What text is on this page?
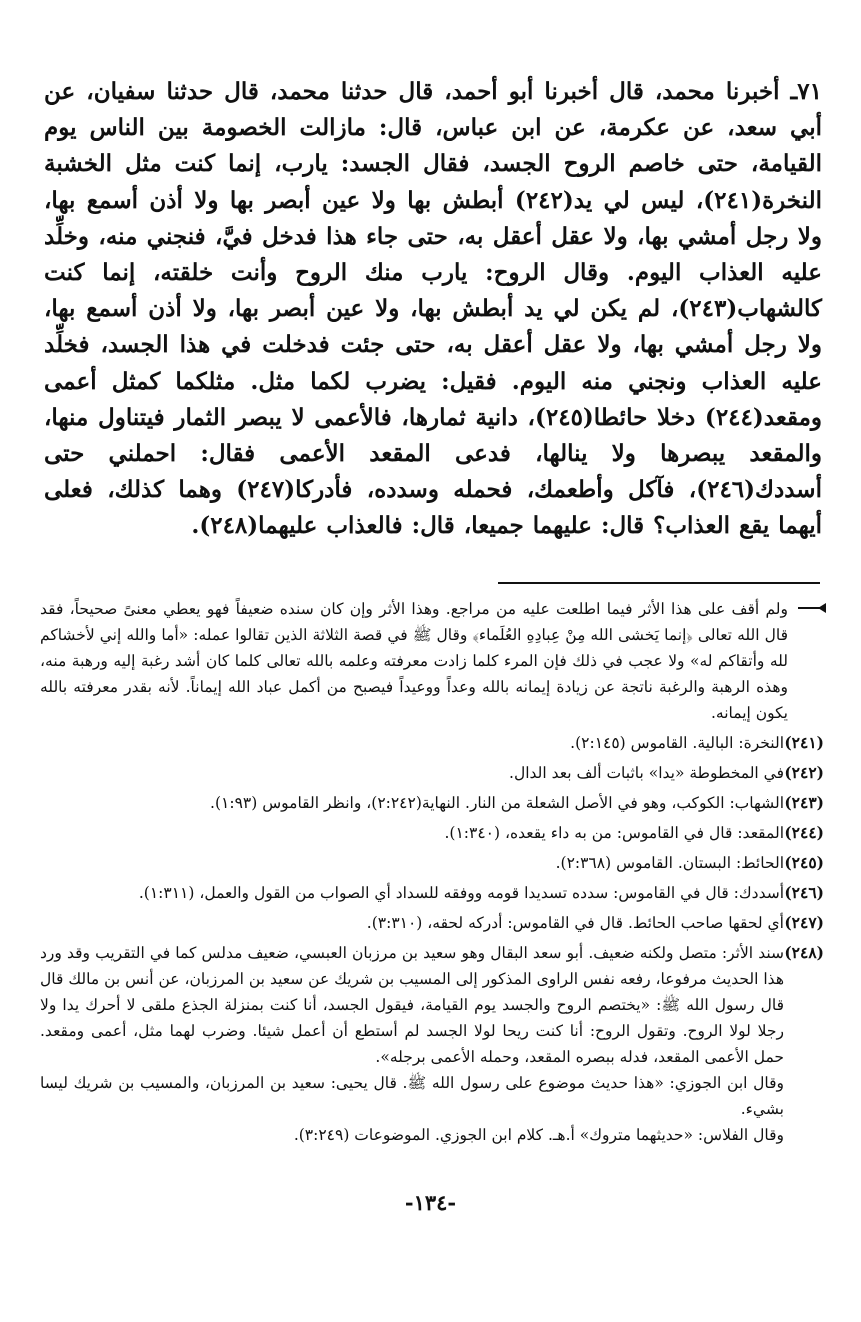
٧١ـ أخبرنا محمد، قال أخبرنا أبو أحمد، قال حدثنا محمد، قال حدثنا سفيان، عن أبي سعد، عن عكرمة، عن ابن عباس، قال: مازالت الخصومة بين الناس يوم القيامة، حتى خاصم الروح الجسد، فقال الجسد: يارب، إنما كنت مثل الخشبة النخرة(٢٤١)، ليس لي يد(٢٤٢) أبطش بها ولا عين أبصر بها ولا أذن أسمع بها، ولا رجل أمشي بها، ولا عقل أعقل به، حتى جاء هذا فدخل فيَّ، فنجني منه، وخلِّد عليه العذاب اليوم. وقال الروح: يارب منك الروح وأنت خلقته، إنما كنت كالشهاب(٢٤٣)، لم يكن لي يد أبطش بها، ولا عين أبصر بها، ولا أذن أسمع بها، ولا رجل أمشي بها، ولا عقل أعقل به، حتى جئت فدخلت في هذا الجسد، فخلِّد عليه العذاب ونجني منه اليوم. فقيل: يضرب لكما مثل. مثلكما كمثل أعمى ومقعد(٢٤٤) دخلا حائطا(٢٤٥)، دانية ثمارها، فالأعمى لا يبصر الثمار فيتناول منها، والمقعد يبصرها ولا ينالها، فدعى المقعد الأعمى فقال: احملني حتى أسددك(٢٤٦)، فآكل وأطعمك، فحمله وسدده، فأدركا(٢٤٧) وهما كذلك، فعلى أيهما يقع العذاب؟ قال: عليهما جميعا، قال: فالعذاب عليهما(٢٤٨).
ولم أقف على هذا الأثر فيما اطلعت عليه من مراجع. وهذا الأثر وإن كان سنده ضعيفاً فهو يعطي معنىً صحيحاً، فقد قال الله تعالى ﴿إنما يَخشى الله مِنْ عِبادِهِ العُلَماء﴾ وقال ﷺ في قصة الثلاثة الذين تقالوا عمله: «أما والله إني لأخشاكم لله وأتقاكم له» ولا عجب في ذلك فإن المرء كلما زادت معرفته وعلمه بالله تعالى كلما كان أشد رغبة إليه ورهبة منه، وهذه الرهبة والرغبة ناتجة عن زيادة إيمانه بالله وعداً ووعيداً فيصبح من أكمل عباد الله إيماناً. لأنه بقدر معرفته بالله يكون إيمانه.
(٢٤١)
النخرة: البالية. القاموس (٢:١٤٥).
(٢٤٢)
في المخطوطة «يدا» باثبات ألف بعد الدال.
(٢٤٣)
الشهاب: الكوكب، وهو في الأصل الشعلة من النار. النهاية(٢:٢٤٢)، وانظر القاموس (١:٩٣).
(٢٤٤)
المقعد: قال في القاموس: من به داء يقعده، (١:٣٤٠).
(٢٤٥)
الحائط: البستان. القاموس (٢:٣٦٨).
(٢٤٦)
أسددك: قال في القاموس: سدده تسديدا قومه ووفقه للسداد أي الصواب من القول والعمل، (١:٣١١).
(٢٤٧)
أي لحقها صاحب الحائط. قال في القاموس: أدركه لحقه، (٣:٣١٠).
(٢٤٨)

سند الأثر: متصل ولكنه ضعيف. أبو سعد البقال وهو سعيد بن مرزبان العبسي، ضعيف مدلس كما في التقريب وقد ورد هذا الحديث مرفوعا، رفعه نفس الراوى المذكور إلى المسيب بن شريك عن سعيد بن المرزبان، عن أنس بن مالك قال قال رسول الله ﷺ: «يختصم الروح والجسد يوم القيامة، فيقول الجسد، أنا كنت بمنزلة الجذع ملقى لا أحرك يدا ولا رجلا لولا الروح. وتقول الروح: أنا كنت ريحا لولا الجسد لم أستطع أن أعمل شيئا. وضرب لهما مثل، أعمى ومقعد. حمل الأعمى المقعد، فدله ببصره المقعد، وحمله الأعمى برجله».

وقال ابن الجوزي: «هذا حديث موضوع على رسول الله ﷺ. قال يحيى: سعيد بن المرزبان، والمسيب بن شريك ليسا بشيء.

وقال الفلاس: «حديثهما متروك» أ.هـ. كلام ابن الجوزي. الموضوعات (٣:٢٤٩).

-١٣٤-
